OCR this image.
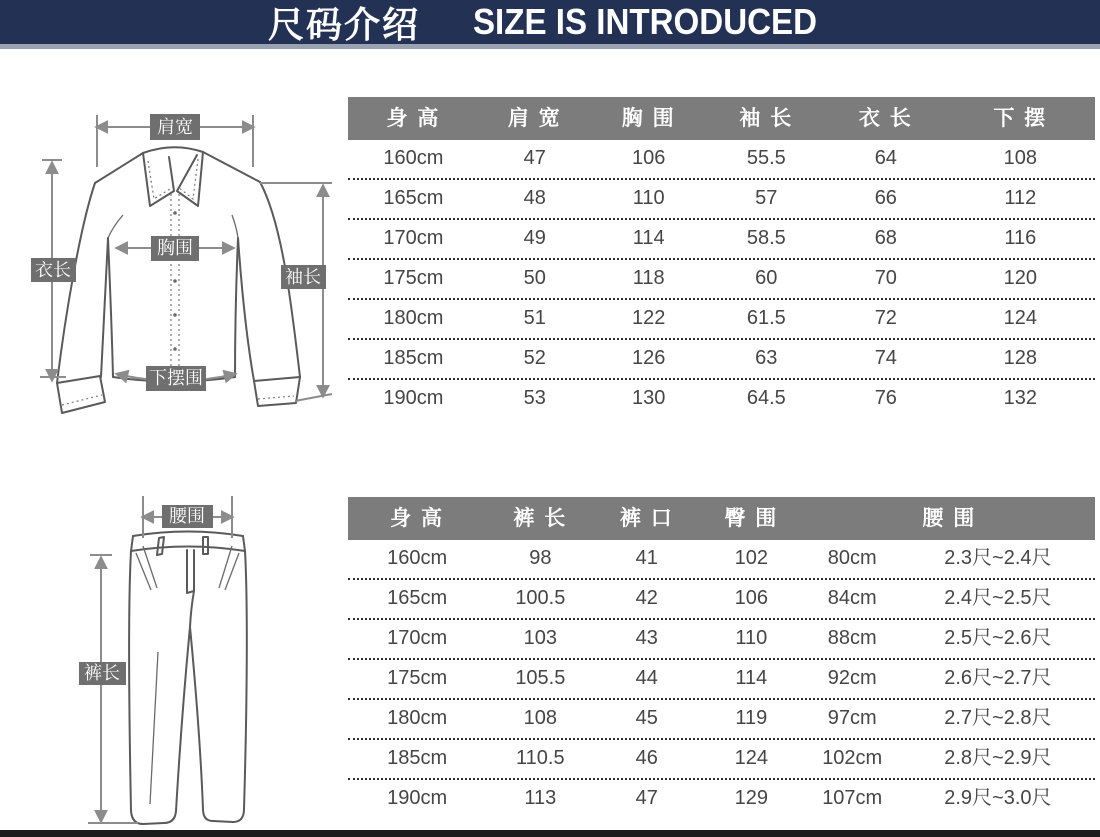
尺码介绍 SIZE IS INTRODUCED
肩宽
胸围
衣长	袖长
下摆围
腰围
裤长
身 高	肩 宽	胸 围	袖 长	衣 长	下 摆
160cm	47	106	55.5	64	108
165cm	48	110	57	66	112
170cm	49	114	58.5	68	116
175cm	50	118	60	70	120
180cm	51	122	61.5	72	124
185cm	52	126	63	74	128
190cm	53	130	64.5	76	132
身 高	裤 长	裤 口	臀 围	腰 围
160cm	98	41	102	80cm	2.3尺~2.4尺
165cm	100.5	42	106	84cm	2.4尺~2.5尺
170cm	103	43	110	88cm	2.5尺~2.6尺
175cm	105.5	44	114	92cm	2.6尺~2.7尺
180cm	108	45	119	97cm	2.7尺~2.8尺
185cm	110.5	46	124	102cm	2.8尺~2.9尺
190cm	113	47	129	107cm	2.9尺~3.0尺
